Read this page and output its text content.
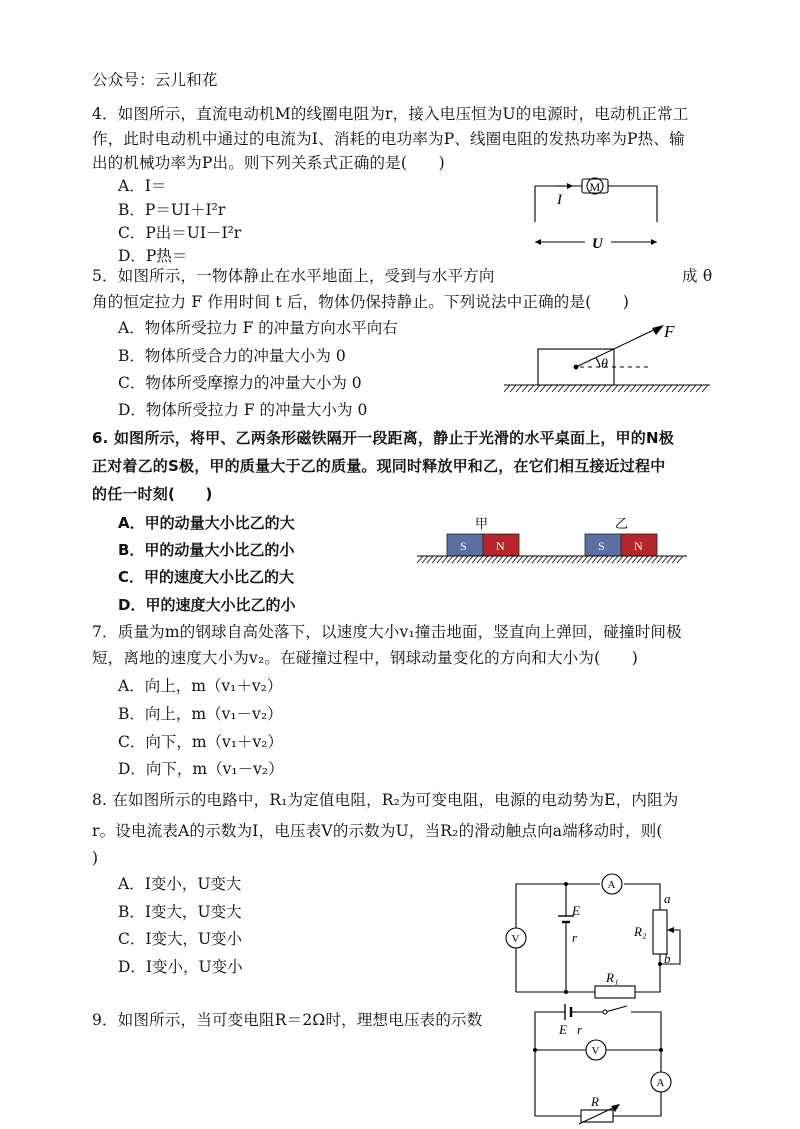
公众号：云儿和花
4．如图所示，直流电动机M的线圈电阻为r，接入电压恒为U的电源时，电动机正常工
作，此时电动机中通过的电流为I、消耗的电功率为P、线圈电阻的发热功率为P热、输
出的机械功率为P出。则下列关系式正确的是(　　)
A．I＝
B．P＝UI＋I²r
C．P出＝UI－I²r
D．P热＝
M
I
U
5．如图所示，一物体静止在水平地面上，受到与水平方向	成 θ
角的恒定拉力 F 作用时间 t 后，物体仍保持静止。下列说法中正确的是(　　)
A．物体所受拉力 F 的冲量方向水平向右
B．物体所受合力的冲量大小为 0
C．物体所受摩擦力的冲量大小为 0
D．物体所受拉力 F 的冲量大小为 0
F
θ
6. 如图所示，将甲、乙两条形磁铁隔开一段距离，静止于光滑的水平桌面上，甲的N极
正对着乙的S极，甲的质量大于乙的质量。现同时释放甲和乙，在它们相互接近过程中
的任一时刻(　　)
A．甲的动量大小比乙的大
B．甲的动量大小比乙的小
C．甲的速度大小比乙的大
D．甲的速度大小比乙的小
甲	乙
S N	S N
7．质量为m的钢球自高处落下，以速度大小v₁撞击地面，竖直向上弹回，碰撞时间极
短，离地的速度大小为v₂。在碰撞过程中，钢球动量变化的方向和大小为(　　)
A．向上，m（v₁＋v₂）
B．向上，m（v₁－v₂）
C．向下，m（v₁＋v₂）
D．向下，m（v₁－v₂）
8. 在如图所示的电路中，R₁为定值电阻，R₂为可变电阻，电源的电动势为E，内阻为
r。设电流表A的示数为I，电压表V的示数为U，当R₂的滑动触点向a端移动时，则(
)
A．I变小，U变大
B．I变大，U变大
C．I变大，U变小
D．I变小，U变小
A
V
E
r	R₂
R₁
a
b
9．如图所示，当可变电阻R＝2Ω时，理想电压表的示数
E r
V
A
R
